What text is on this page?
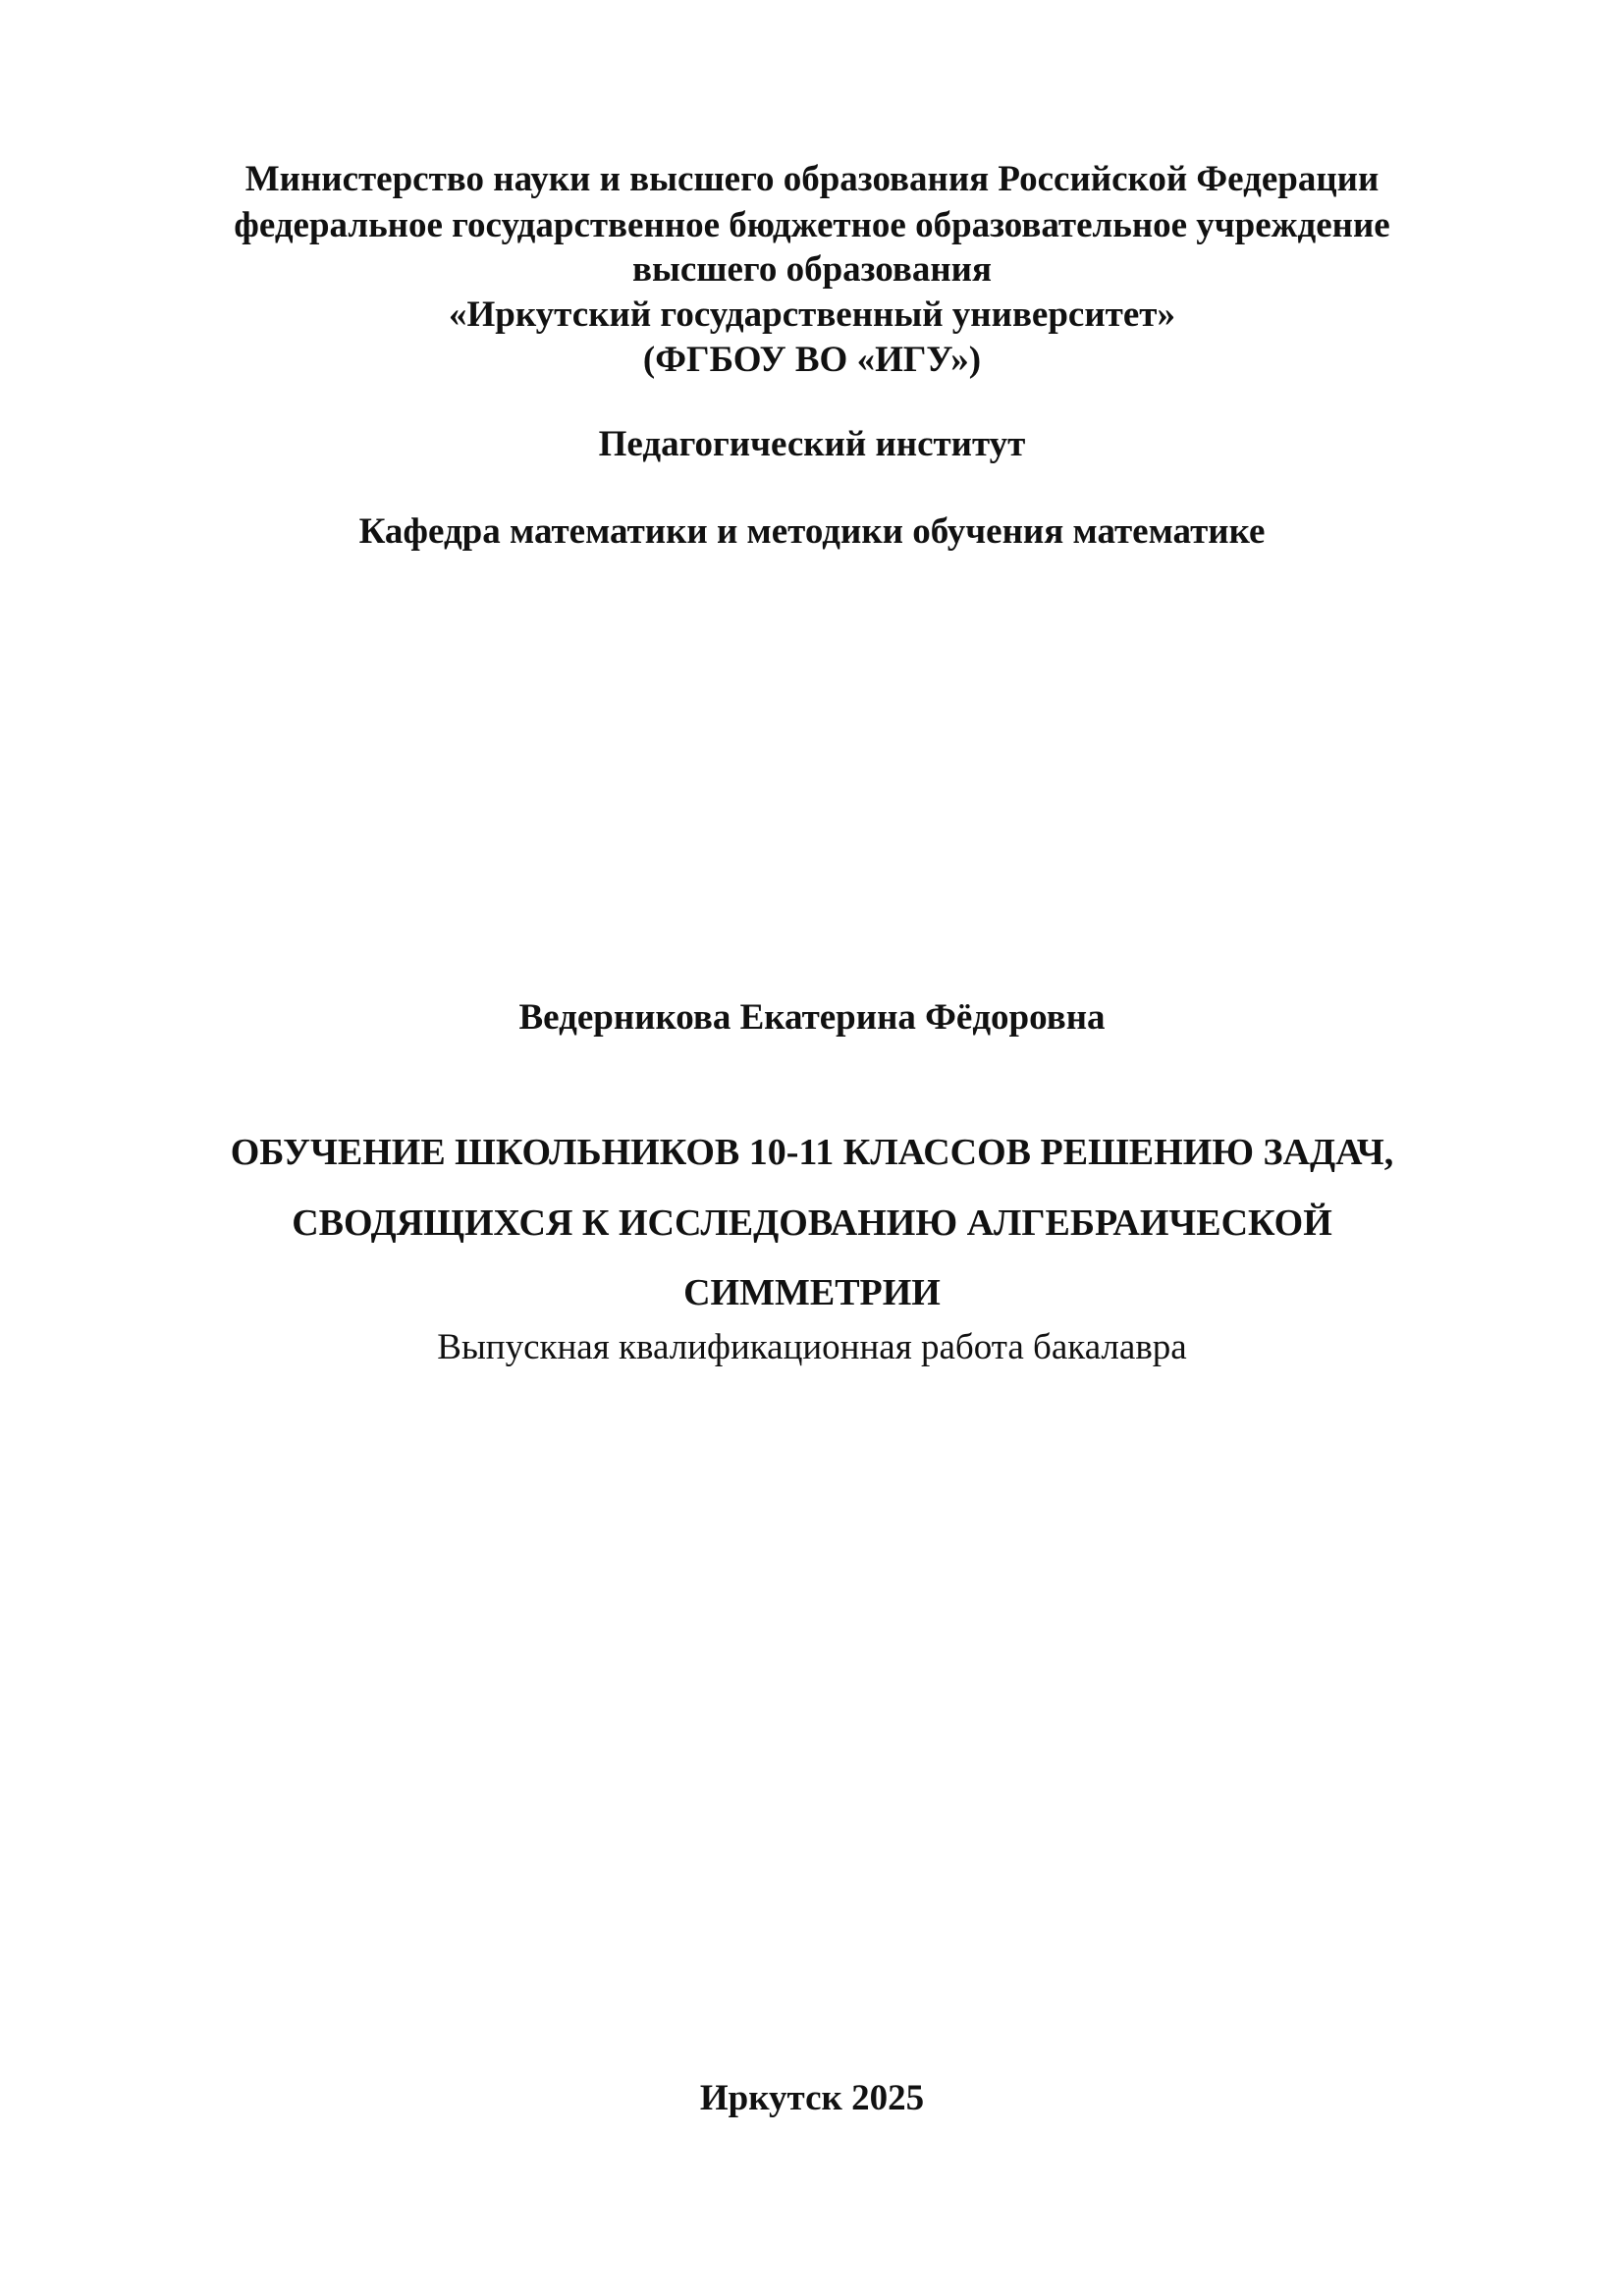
Министерство науки и высшего образования Российской Федерации
федеральное государственное бюджетное образовательное учреждение
высшего образования
«Иркутский государственный университет»
(ФГБОУ ВО «ИГУ»)
Педагогический институт
Кафедра математики и методики обучения математике
Ведерникова Екатерина Фёдоровна
ОБУЧЕНИЕ ШКОЛЬНИКОВ 10-11 КЛАССОВ РЕШЕНИЮ ЗАДАЧ,
СВОДЯЩИХСЯ К ИССЛЕДОВАНИЮ АЛГЕБРАИЧЕСКОЙ
СИММЕТРИИ
Выпускная квалификационная работа бакалавра
Иркутск 2025
